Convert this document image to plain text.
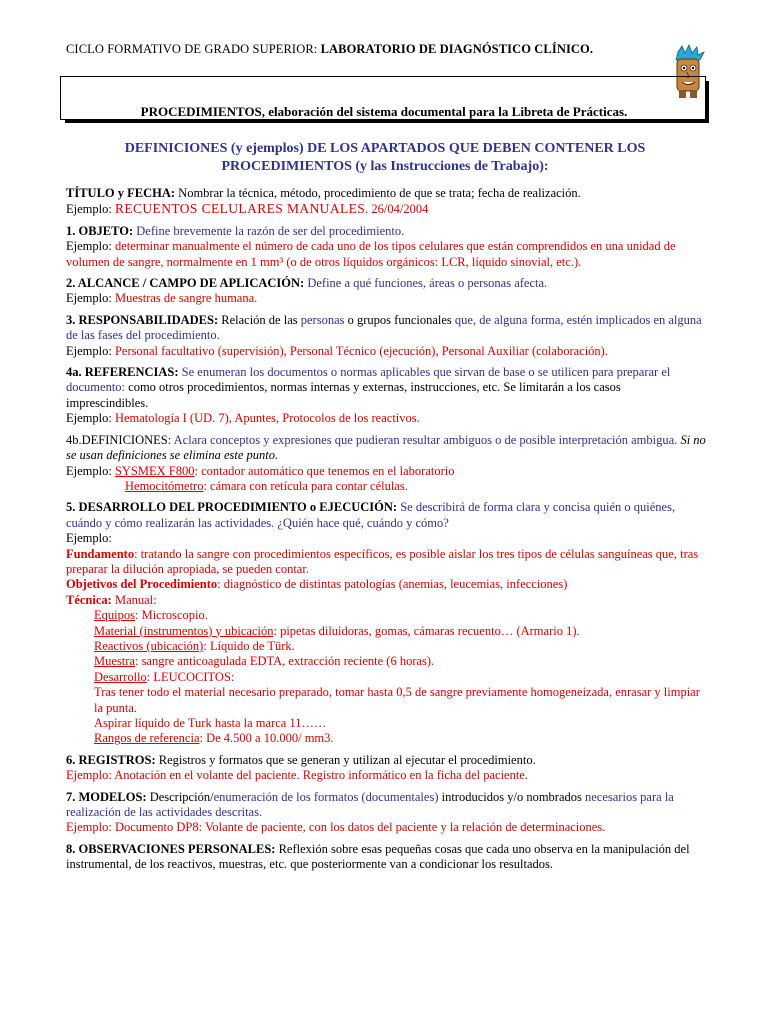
CICLO FORMATIVO DE GRADO SUPERIOR: LABORATORIO DE DIAGNÓSTICO CLÍNICO.
PROCEDIMIENTOS, elaboración del sistema documental para la Libreta de Prácticas.
DEFINICIONES (y ejemplos) DE LOS APARTADOS QUE DEBEN CONTENER LOS
PROCEDIMIENTOS (y las Instrucciones de Trabajo):
TÍTULO y FECHA: Nombrar la técnica, método, procedimiento de que se trata; fecha de realización.
Ejemplo: RECUENTOS CELULARES MANUALES. 26/04/2004
1. OBJETO: Define brevemente la razón de ser del procedimiento.
Ejemplo: determinar manualmente el número de cada uno de los tipos celulares que están comprendidos en una unidad de volumen de sangre, normalmente en 1 mm³ (o de otros líquidos orgánicos: LCR, líquido sinovial, etc.).
2. ALCANCE / CAMPO DE APLICACIÓN: Define a qué funciones, áreas o personas afecta.
Ejemplo: Muestras de sangre humana.
3. RESPONSABILIDADES: Relación de las personas o grupos funcionales que, de alguna forma, estén implicados en alguna de las fases del procedimiento.
Ejemplo: Personal facultativo (supervisión), Personal Técnico (ejecución), Personal Auxiliar (colaboración).
4a. REFERENCIAS: Se enumeran los documentos o normas aplicables que sirvan de base o se utilicen para preparar el documento: como otros procedimientos, normas internas y externas, instrucciones, etc. Se limitarán a los casos imprescindibles.
Ejemplo: Hematología I (UD. 7), Apuntes, Protocolos de los reactivos.
4b.DEFINICIONES: Aclara conceptos y expresiones que pudieran resultar ambiguos o de posible interpretación ambigua. Si no se usan definiciones se elimina este punto.
Ejemplo: SYSMEX F800: contador automático que tenemos en el laboratorio
Hemocitómetro: cámara con retícula para contar células.
5. DESARROLLO DEL PROCEDIMIENTO o EJECUCIÓN: Se describirá de forma clara y concisa quién o quiénes, cuándo y cómo realizarán las actividades. ¿Quién hace qué, cuándo y cómo?
Ejemplo:
Fundamento: tratando la sangre con procedimientos específicos, es posible aislar los tres tipos de células sanguíneas que, tras preparar la dilución apropiada, se pueden contar.
Objetivos del Procedimiento: diagnóstico de distintas patologías (anemias, leucemias, infecciones)
Técnica: Manual:
Equipos: Microscopio.
Material (instrumentos) y ubicación: pipetas diluidoras, gomas, cámaras recuento… (Armario 1).
Reactivos (ubicación): Líquido de Türk.
Muestra: sangre anticoagulada EDTA, extracción reciente (6 horas).
Desarrollo: LEUCOCITOS:
Tras tener todo el material necesario preparado, tomar hasta 0,5 de sangre previamente homogeneizada, enrasar y limpiar la punta.
Aspirar líquido de Turk hasta la marca 11……
Rangos de referencia: De 4.500 a 10.000/ mm3.
6. REGISTROS: Registros y formatos que se generan y utilizan al ejecutar el procedimiento.
Ejemplo: Anotación en el volante del paciente. Registro informático en la ficha del paciente.
7. MODELOS: Descripción/enumeración de los formatos (documentales) introducidos y/o nombrados necesarios para la realización de las actividades descritas.
Ejemplo: Documento DP8: Volante de paciente, con los datos del paciente y la relación de determinaciones.
8. OBSERVACIONES PERSONALES: Reflexión sobre esas pequeñas cosas que cada uno observa en la manipulación del instrumental, de los reactivos, muestras, etc. que posteriormente van a condicionar los resultados.
